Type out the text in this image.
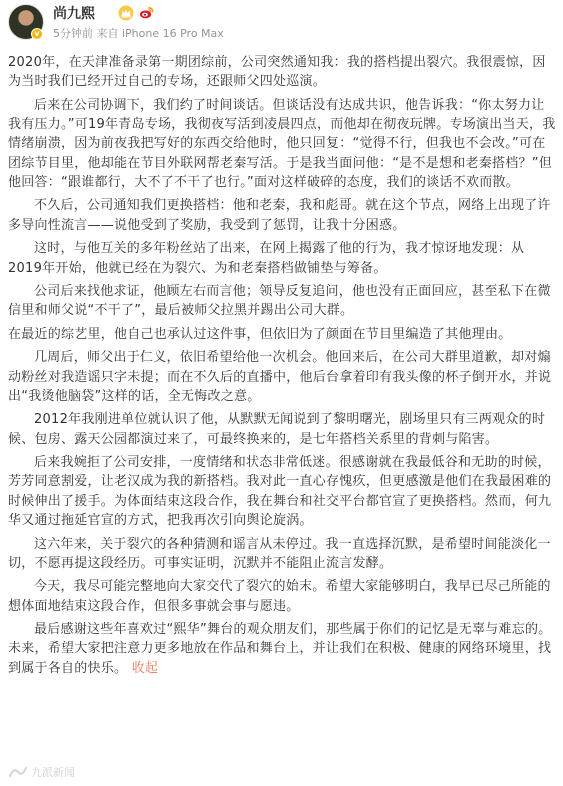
v
尚九熙
5分钟前 来自 iPhone 16 Pro Max

2020年，在天津准备录第一期团综前，公司突然通知我：我的搭档提出裂穴。我很震惊，因为当时我们已经开过自己的专场，还跟师父四处巡演。

后来在公司协调下，我们约了时间谈话。但谈话没有达成共识，他告诉我：“你太努力让我有压力。”可19年青岛专场，我彻夜写活到凌晨四点，而他却在彻夜玩牌。专场演出当天，我情绪崩溃，因为前夜我把写好的东西交给他时，他只回复：“觉得不行，但我也不会改。”可在团综节目里，他却能在节目外联网帮老秦写活。于是我当面问他：“是不是想和老秦搭档？”但他回答：“跟谁都行，大不了不干了也行。”面对这样破碎的态度，我们的谈话不欢而散。

不久后，公司通知我们更换搭档：他和老秦，我和彪哥。就在这个节点，网络上出现了许多导向性流言——说他受到了奖励，我受到了惩罚，让我十分困惑。

这时，与他互关的多年粉丝站了出来，在网上揭露了他的行为，我才惊讶地发现：从2019年开始，他就已经在为裂穴、为和老秦搭档做铺垫与筹备。

公司后来找他求证，他顾左右而言他；领导反复追问，他也没有正面回应，甚至私下在微信里和师父说“不干了”，最后被师父拉黑并踢出公司大群。

在最近的综艺里，他自己也承认过这件事，但依旧为了颜面在节目里编造了其他理由。

几周后，师父出于仁义，依旧希望给他一次机会。他回来后，在公司大群里道歉，却对煽动粉丝对我造谣只字未提；而在不久后的直播中，他后台拿着印有我头像的杯子倒开水，并说出“我烫他脑袋”这样的话，全无悔改之意。

2012年我刚进单位就认识了他，从默默无闻说到了黎明曙光，剧场里只有三两观众的时候、包房、露天公园都演过来了，可最终换来的，是七年搭档关系里的背刺与陷害。

后来我婉拒了公司安排，一度情绪和状态非常低迷。很感谢就在我最低谷和无助的时候，芳芳同意割爱，让老汉成为我的新搭档。我对此一直心存愧疚，但更感激是他们在我最困难的时候伸出了援手。为体面结束这段合作，我在舞台和社交平台都官宣了更换搭档。然而，何九华又通过拖延官宣的方式，把我再次引向舆论旋涡。

这六年来，关于裂穴的各种猜测和谣言从未停过。我一直选择沉默，是希望时间能淡化一切，不愿再提这段经历。可事实证明，沉默并不能阻止流言发酵。

今天，我尽可能完整地向大家交代了裂穴的始末。希望大家能够明白，我早已尽己所能的想体面地结束这段合作，但很多事就会事与愿违。

最后感谢这些年喜欢过“熙华”舞台的观众朋友们，那些属于你们的记忆是无辜与难忘的。未来，希望大家把注意力更多地放在作品和舞台上，并让我们在积极、健康的网络环境里，找到属于各自的快乐。 收起

九派新闻
